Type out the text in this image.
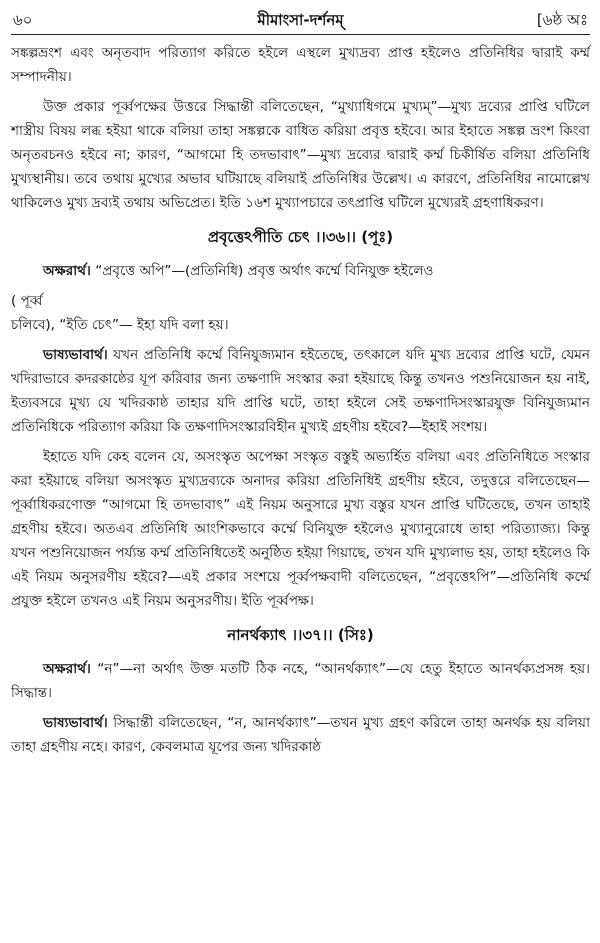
৬০	মীমাংসা-দর্শনম্	[৬ষ্ঠ অঃ

সঙ্কল্পভ্রংশ এবং অনৃতবাদ পরিত্যাগ করিতে হইলে এস্থলে মুখ্যদ্রব্য প্রাপ্ত হইলেও প্রতিনিধির দ্বারাই কর্ম্ম সম্পাদনীয়।

উক্ত প্রকার পূর্ব্বপক্ষের উত্তরে সিদ্ধান্তী বলিতেছেন, “মুখ্যাধিগমে মুখ্যম্”—মুখ্য দ্রব্যের প্রাপ্তি ঘটিলে শাস্ত্রীয় বিষয় লব্ধ হইয়া থাকে বলিয়া তাহা সঙ্কল্পকে বাধিত করিয়া প্রবৃত্ত হইবে। আর ইহাতে সঙ্কল্প ভ্রংশ কিংবা অনৃতবচনও হইবে না; কারণ, “আগমো হি তদভাবাৎ”—মুখ্য দ্রব্যের দ্বারাই কর্ম্ম চিকীর্ষিত বলিয়া প্রতিনিধি মুখ্যস্থানীয়। তবে তথায় মুখ্যের অভাব ঘটিয়াছে বলিয়াই প্রতিনিধির উল্লেখ। এ কারণে, প্রতিনিধির নামোল্লেখ থাকিলেও মুখ্য দ্রব্যই তথায় অভিপ্রেত। ইতি ১৬শ মুখ্যাপচারে তৎপ্রাপ্তি ঘটিলে মুখ্যেরই গ্রহণাধিকরণ।

প্রবৃত্তেঽপীতি চেৎ ।।৩৬।। (পূঃ)

অক্ষরার্থ। “প্রবৃত্তে অপি”—(প্রতিনিধি) প্রবৃত্ত অর্থাৎ কর্ম্মে বিনিযুক্ত হইলেও

( পূর্ব্ব

চলিবে), “ইতি চেৎ”— ইহা যদি বলা হয়।

ভাষ্যভাবার্থ। যখন প্রতিনিধি কর্ম্মে বিনিযুজ্যমান হইতেছে, তৎকালে যদি মুখ্য দ্রব্যের প্রাপ্তি ঘটে, যেমন খদিরাভাবে কদরকাষ্ঠের যূপ করিবার জন্য তক্ষণাদি সংস্কার করা হইয়াছে কিন্তু তখনও পশুনিয়োজন হয় নাই, ইত্যবসরে মুখ্য যে খদিরকাষ্ঠ তাহার যদি প্রাপ্তি ঘটে, তাহা হইলে সেই তক্ষণাদিসংস্কারযুক্ত বিনিযুজ্যমান প্রতিনিধিকে পরিত্যাগ করিয়া কি তক্ষণাদিসংস্কারবিহীন মুখ্যই গ্রহণীয় হইবে?—ইহাই সংশয়।

ইহাতে যদি কেহ বলেন যে, অসংস্কৃত অপেক্ষা সংস্কৃত বস্তুই অভ্যর্হিত বলিয়া এবং প্রতিনিধিতে সংস্কার করা হইয়াছে বলিয়া অসংস্কৃত মুখ্যদ্রব্যকে অনাদর করিয়া প্রতিনিধিই গ্রহণীয় হইবে, তদুত্তরে বলিতেছেন—পূর্ব্বাধিকরণোক্ত “আগমো হি তদভাবাৎ” এই নিয়ম অনুসারে মুখ্য বস্তুর যখন প্রাপ্তি ঘটিতেছে, তখন তাহাই গ্রহণীয় হইবে। অতএব প্রতিনিধি আংশিকভাবে কর্ম্মে বিনিযুক্ত হইলেও মুখ্যানুরোধে তাহা পরিত্যাজ্য। কিন্তু যখন পশুনিয়োজন পর্য্যন্ত কর্ম্ম প্রতিনিধিতেই অনুষ্ঠিত হইয়া গিয়াছে, তখন যদি মুখ্যলাভ হয়, তাহা হইলেও কি এই নিয়ম অনুসরণীয় হইবে?—এই প্রকার সংশয়ে পূর্ব্বপক্ষবাদী বলিতেছেন, “প্রবৃত্তেঽপি”—প্রতিনিধি কর্ম্মে প্রযুক্ত হইলে তখনও এই নিয়ম অনুসরণীয়। ইতি পূর্ব্বপক্ষ।

নানর্থক্যাৎ ।।৩৭।। (সিঃ)

অক্ষরার্থ। “ন”—না অর্থাৎ উক্ত মতটি ঠিক নহে, “আনর্থক্যাৎ”—যে হেতু ইহাতে আনর্থক্যপ্রসঙ্গ হয়। সিদ্ধান্ত।

ভাষ্যভাবার্থ। সিদ্ধান্তী বলিতেছেন, “ন, আনর্থক্যাৎ”—তখন মুখ্য গ্রহণ করিলে তাহা অনর্থক হয় বলিয়া তাহা গ্রহণীয় নহে। কারণ, কেবলমাত্র যূপের জন্য খদিরকাষ্ঠ
